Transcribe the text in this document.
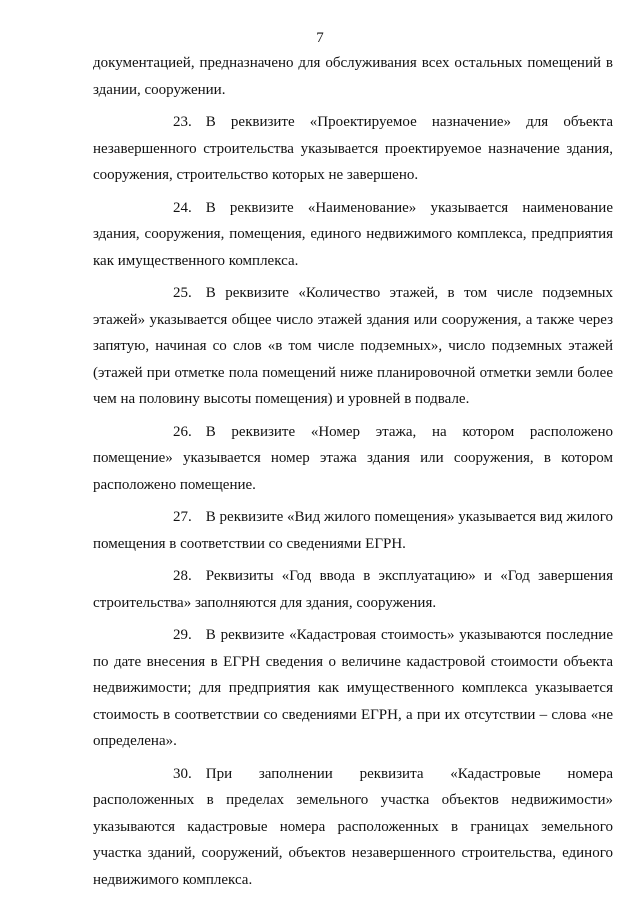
7

документацией, предназначено для обслуживания всех остальных помещений в здании, сооружении.

23. В реквизите «Проектируемое назначение» для объекта незавершенного строительства указывается проектируемое назначение здания, сооружения, строительство которых не завершено.

24. В реквизите «Наименование» указывается наименование здания, сооружения, помещения, единого недвижимого комплекса, предприятия как имущественного комплекса.

25. В реквизите «Количество этажей, в том числе подземных этажей» указывается общее число этажей здания или сооружения, а также через запятую, начиная со слов «в том числе подземных», число подземных этажей (этажей при отметке пола помещений ниже планировочной отметки земли более чем на половину высоты помещения) и уровней в подвале.

26. В реквизите «Номер этажа, на котором расположено помещение» указывается номер этажа здания или сооружения, в котором расположено помещение.

27. В реквизите «Вид жилого помещения» указывается вид жилого помещения в соответствии со сведениями ЕГРН.

28. Реквизиты «Год ввода в эксплуатацию» и «Год завершения строительства» заполняются для здания, сооружения.

29. В реквизите «Кадастровая стоимость» указываются последние по дате внесения в ЕГРН сведения о величине кадастровой стоимости объекта недвижимости; для предприятия как имущественного комплекса указывается стоимость в соответствии со сведениями ЕГРН, а при их отсутствии – слова «не определена».

30. При заполнении реквизита «Кадастровые номера расположенных в пределах земельного участка объектов недвижимости» указываются кадастровые номера расположенных в границах земельного участка зданий, сооружений, объектов незавершенного строительства, единого недвижимого комплекса.
